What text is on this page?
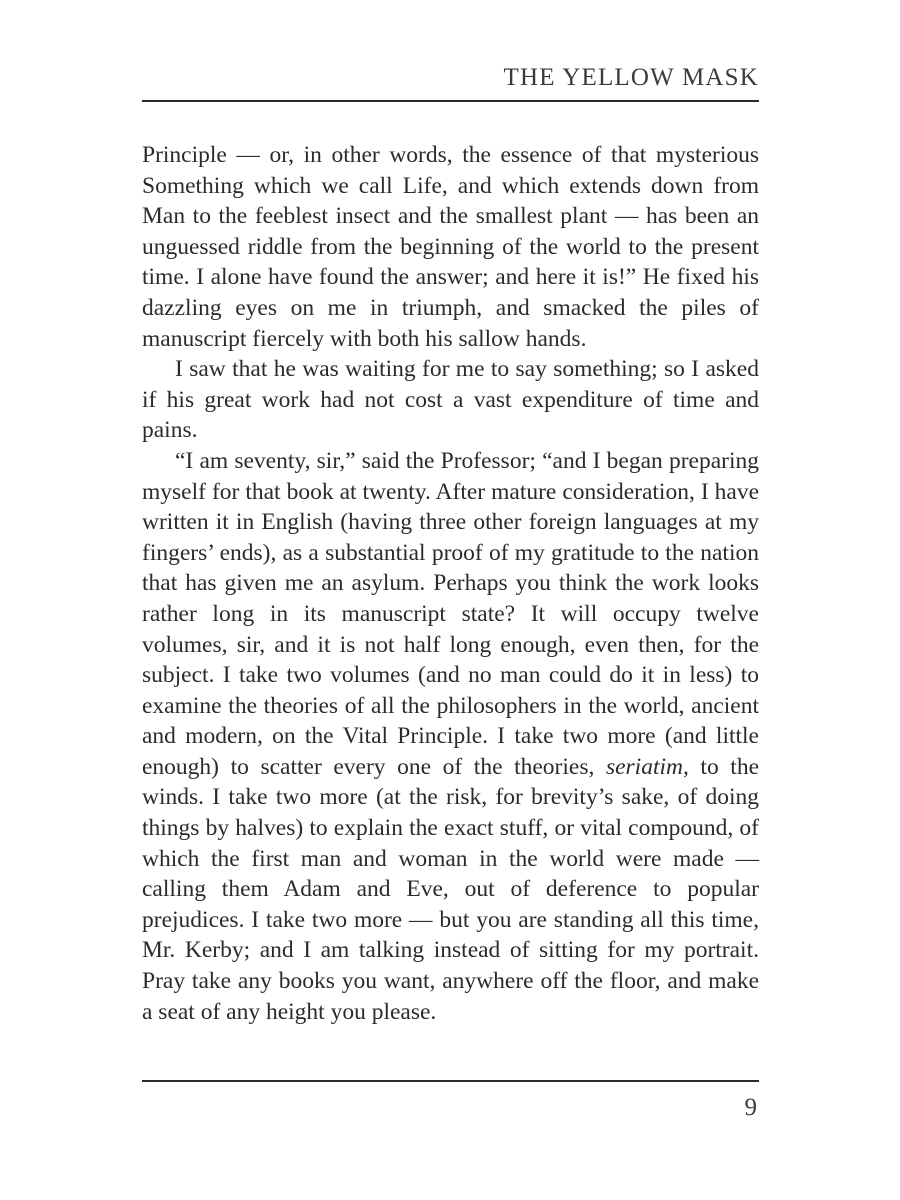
THE YELLOW MASK

Principle — or, in other words, the essence of that mysterious Something which we call Life, and which extends down from Man to the feeblest insect and the smallest plant — has been an unguessed riddle from the beginning of the world to the present time. I alone have found the answer; and here it is!” He fixed his dazzling eyes on me in triumph, and smacked the piles of manuscript fiercely with both his sallow hands.

I saw that he was waiting for me to say something; so I asked if his great work had not cost a vast expenditure of time and pains.

“I am seventy, sir,” said the Professor; “and I began preparing myself for that book at twenty. After mature consideration, I have written it in English (having three other foreign languages at my fingers’ ends), as a substantial proof of my gratitude to the nation that has given me an asylum. Perhaps you think the work looks rather long in its manuscript state? It will occupy twelve volumes, sir, and it is not half long enough, even then, for the subject. I take two volumes (and no man could do it in less) to examine the theories of all the philosophers in the world, ancient and modern, on the Vital Principle. I take two more (and little enough) to scatter every one of the theories, seriatim, to the winds. I take two more (at the risk, for brevity’s sake, of doing things by halves) to explain the exact stuff, or vital compound, of which the first man and woman in the world were made — calling them Adam and Eve, out of deference to popular prejudices. I take two more — but you are standing all this time, Mr. Kerby; and I am talking instead of sitting for my portrait. Pray take any books you want, anywhere off the floor, and make a seat of any height you please.

9
